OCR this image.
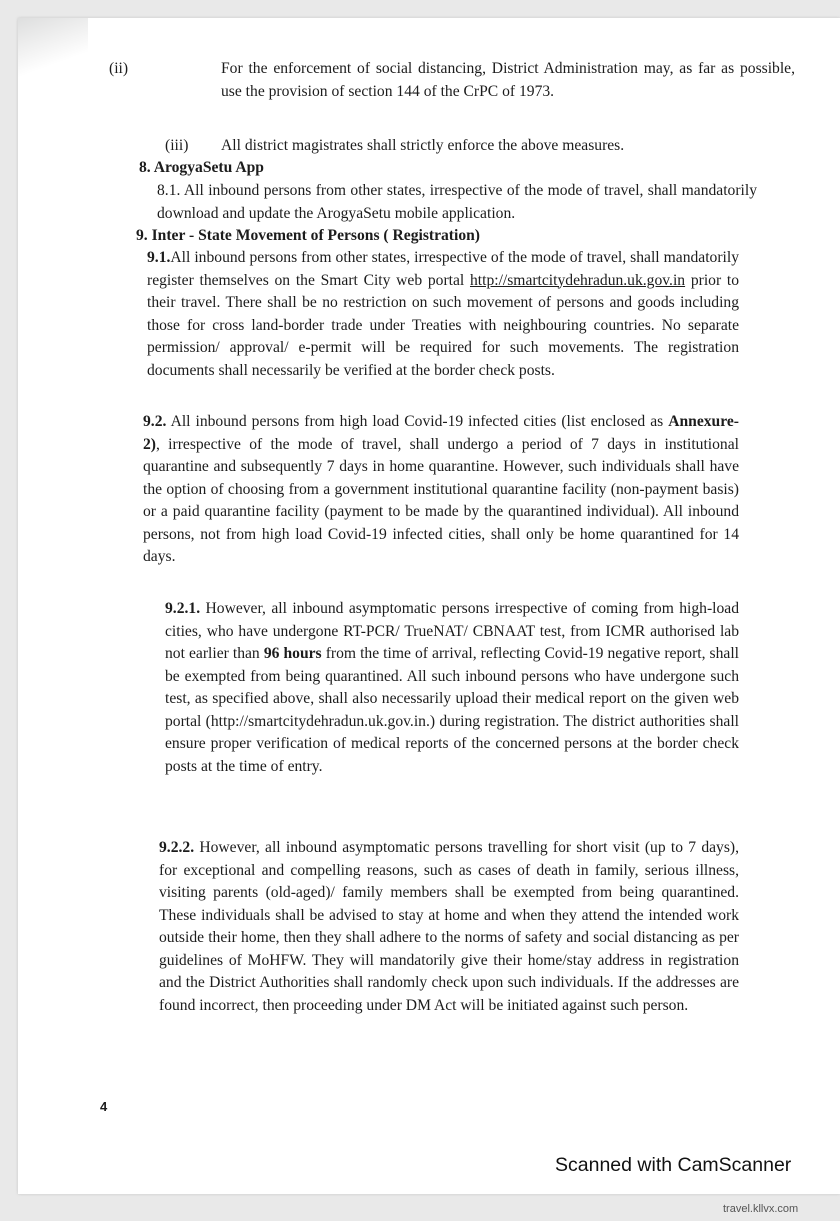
(ii)	For the enforcement of social distancing, District Administration may, as far as possible, use the provision of section 144 of the CrPC of 1973.

(iii) All district magistrates shall strictly enforce the above measures.

8. ArogyaSetu App

8.1. All inbound persons from other states, irrespective of the mode of travel, shall mandatorily download and update the ArogyaSetu mobile application.

9. Inter - State Movement of Persons ( Registration)

9.1.All inbound persons from other states, irrespective of the mode of travel, shall mandatorily register themselves on the Smart City web portal http://smartcitydehradun.uk.gov.in prior to their travel. There shall be no restriction on such movement of persons and goods including those for cross land-border trade under Treaties with neighbouring countries. No separate permission/ approval/ e-permit will be required for such movements. The registration documents shall necessarily be verified at the border check posts.

9.2. All inbound persons from high load Covid-19 infected cities (list enclosed as Annexure-2), irrespective of the mode of travel, shall undergo a period of 7 days in institutional quarantine and subsequently 7 days in home quarantine. However, such individuals shall have the option of choosing from a government institutional quarantine facility (non-payment basis) or a paid quarantine facility (payment to be made by the quarantined individual). All inbound persons, not from high load Covid-19 infected cities, shall only be home quarantined for 14 days.

9.2.1. However, all inbound asymptomatic persons irrespective of coming from high-load cities, who have undergone RT-PCR/ TrueNAT/ CBNAAT test, from ICMR authorised lab not earlier than 96 hours from the time of arrival, reflecting Covid-19 negative report, shall be exempted from being quarantined. All such inbound persons who have undergone such test, as specified above, shall also necessarily upload their medical report on the given web portal (http://smartcitydehradun.uk.gov.in.) during registration. The district authorities shall ensure proper verification of medical reports of the concerned persons at the border check posts at the time of entry.

9.2.2. However, all inbound asymptomatic persons travelling for short visit (up to 7 days), for exceptional and compelling reasons, such as cases of death in family, serious illness, visiting parents (old-aged)/ family members shall be exempted from being quarantined. These individuals shall be advised to stay at home and when they attend the intended work outside their home, then they shall adhere to the norms of safety and social distancing as per guidelines of MoHFW. They will mandatorily give their home/stay address in registration and the District Authorities shall randomly check upon such individuals. If the addresses are found incorrect, then proceeding under DM Act will be initiated against such person.

4
Scanned with CamScanner
travel.kllvx.com
